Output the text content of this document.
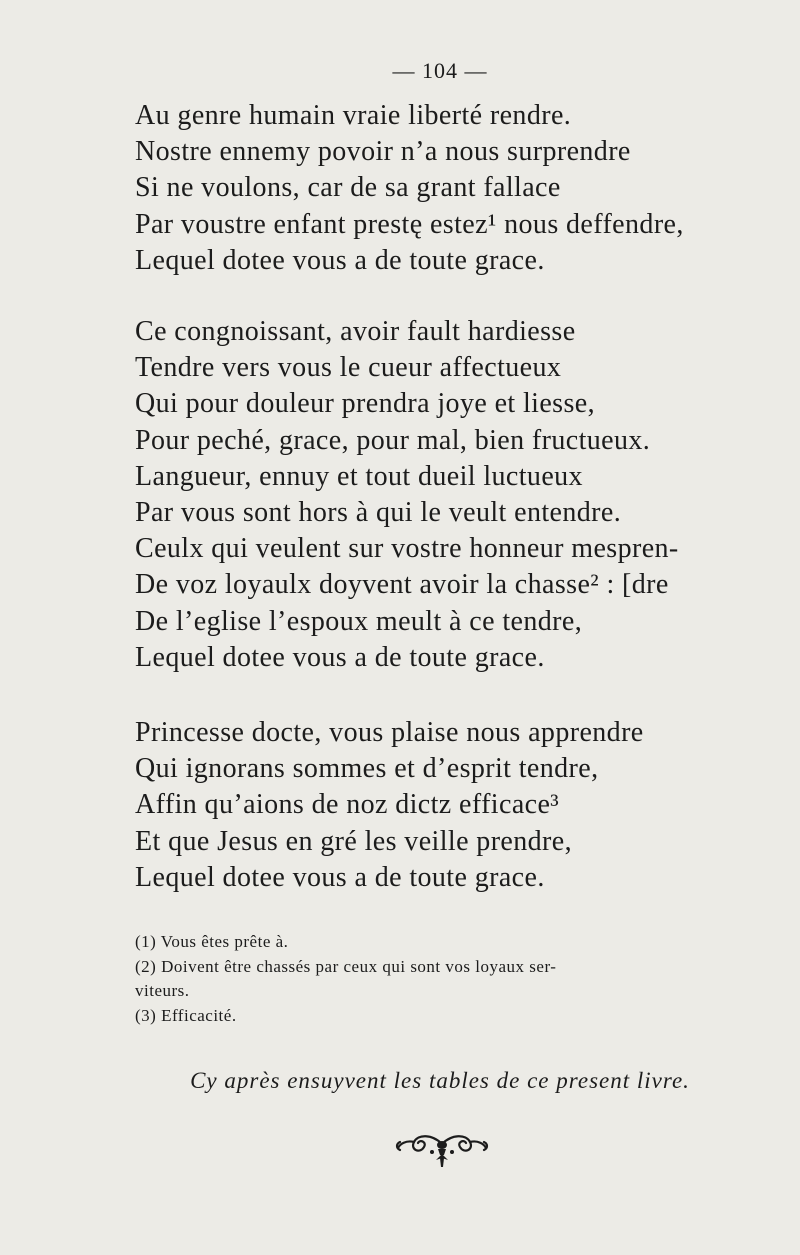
— 104 —
Au genre humain vraie liberté rendre.
Nostre ennemy povoir n’a nous surprendre
Si ne voulons, car de sa grant fallace
Par voustre enfant prestę estez¹ nous deffendre,
Lequel dotee vous a de toute grace.
Ce congnoissant, avoir fault hardiesse
Tendre vers vous le cueur affectueux
Qui pour douleur prendra joye et liesse,
Pour peché, grace, pour mal, bien fructueux.
Langueur, ennuy et tout dueil luctueux
Par vous sont hors à qui le veult entendre.
Ceulx qui veulent sur vostre honneur mespren-
De voz loyaulx doyvent avoir la chasse² : [dre
De l’eglise l’espoux meult à ce tendre,
Lequel dotee vous a de toute grace.
Princesse docte, vous plaise nous apprendre
Qui ignorans sommes et d’esprit tendre,
Affin qu’aions de noz dictz efficace³
Et que Jesus en gré les veille prendre,
Lequel dotee vous a de toute grace.
(1) Vous êtes prête à.
(2) Doivent être chassés par ceux qui sont vos loyaux ser-
viteurs.
(3) Efficacité.
Cy après ensuyvent les tables de ce present livre.
